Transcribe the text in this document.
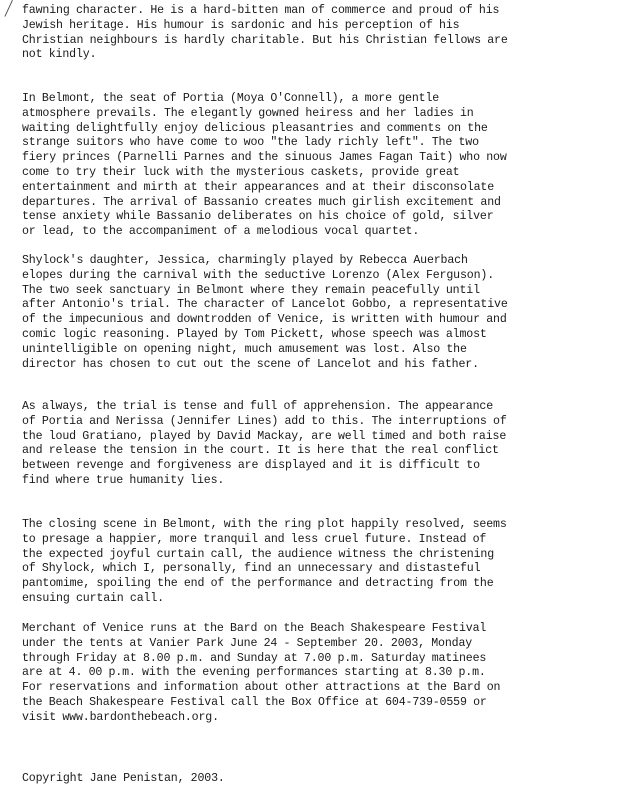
fawning character. He is a hard-bitten man of commerce and proud of his
Jewish heritage. His humour is sardonic and his perception of his
Christian neighbours is hardly charitable. But his Christian fellows are
not kindly.

In Belmont, the seat of Portia (Moya O'Connell), a more gentle
atmosphere prevails. The elegantly gowned heiress and her ladies in
waiting delightfully enjoy delicious pleasantries and comments on the
strange suitors who have come to woo "the lady richly left". The two
fiery princes (Parnelli Parnes and the sinuous James Fagan Tait) who now
come to try their luck with the mysterious caskets, provide great
entertainment and mirth at their appearances and at their disconsolate
departures. The arrival of Bassanio creates much girlish excitement and
tense anxiety while Bassanio deliberates on his choice of gold, silver
or lead, to the accompaniment of a melodious vocal quartet.

Shylock's daughter, Jessica, charmingly played by Rebecca Auerbach
elopes during the carnival with the seductive Lorenzo (Alex Ferguson).
The two seek sanctuary in Belmont where they remain peacefully until
after Antonio's trial. The character of Lancelot Gobbo, a representative
of the impecunious and downtrodden of Venice, is written with humour and
comic logic reasoning. Played by Tom Pickett, whose speech was almost
unintelligible on opening night, much amusement was lost. Also the
director has chosen to cut out the scene of Lancelot and his father.

As always, the trial is tense and full of apprehension. The appearance
of Portia and Nerissa (Jennifer Lines) add to this. The interruptions of
the loud Gratiano, played by David Mackay, are well timed and both raise
and release the tension in the court. It is here that the real conflict
between revenge and forgiveness are displayed and it is difficult to
find where true humanity lies.

The closing scene in Belmont, with the ring plot happily resolved, seems
to presage a happier, more tranquil and less cruel future. Instead of
the expected joyful curtain call, the audience witness the christening
of Shylock, which I, personally, find an unnecessary and distasteful
pantomime, spoiling the end of the performance and detracting from the
ensuing curtain call.

Merchant of Venice runs at the Bard on the Beach Shakespeare Festival
under the tents at Vanier Park June 24 - September 20. 2003, Monday
through Friday at 8.00 p.m. and Sunday at 7.00 p.m. Saturday matinees
are at 4. 00 p.m. with the evening performances starting at 8.30 p.m.
For reservations and information about other attractions at the Bard on
the Beach Shakespeare Festival call the Box Office at 604-739-0559 or
visit www.bardonthebeach.org.

Copyright Jane Penistan, 2003.
